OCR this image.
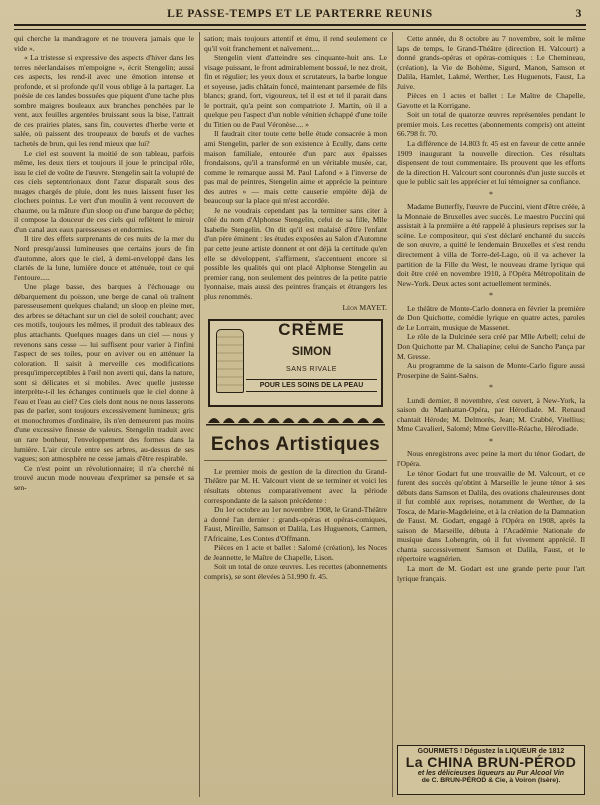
LE PASSE-TEMPS ET LE PARTERRE REUNIS	3

qui cherche la mandragore et ne trouvera jamais que le vide ».

« La tristesse si expressive des aspects d'hiver dans les terres néerlandaises m'empoigne », écrit Stengelin; aussi ces aspects, les rend-il avec une émotion intense et profonde, et si profonde qu'il vous oblige à la partager. La poésie de ces landes bossuées que piquent d'une tache plus sombre maigres bouleaux aux branches penchées par le vent, aux feuilles argentées bruissant sous la bise, l'attrait de ces prairies plates, sans fin, couvertes d'herbe verte et salée, où paissent des troupeaux de bœufs et de vaches tachetés de brun, qui les rend mieux que lui?

Le ciel est souvent la moitié de son tableau, parfois même, les deux tiers et toujours il joue le principal rôle, issu le ciel de voûte de l'œuvre. Stengelin sait la volupté de ces ciels septentrionaux dont l'azur disparaît sous des nuages chargés de pluie, dont les nues laissent fuser les clochers pointus. Le vert d'un moulin à vent recouvert de chaume, ou la mâture d'un sloop ou d'une barque de pêche; il compose la douceur de ces ciels qui reflètent le miroir d'un canal aux eaux paresseuses et endormies.

Il tire des effets surprenants de ces nuits de la mer du Nord presqu'aussi lumineuses que certains jours de fin d'automne, alors que le ciel, à demi-enveloppé dans les clartés de la lune, lumière douce et atténuée, tout ce qui l'entoure.....

Une plage basse, des barques à l'échouage ou débarquement du poisson, une berge de canal où traînent paresseusement quelques chaland; un sloop en pleine mer, des arbres se détachant sur un ciel de soleil couchant; avec ces motifs, toujours les mêmes, il produit des tableaux des plus attachants. Quelques nuages dans un ciel — nous y revenons sans cesse — lui suffisent pour varier à l'infini l'aspect de ses toiles, pour en aviver ou en atténuer la coloration. Il saisit à merveille ces modifications presqu'imperceptibles à l'œil non averti qui, dans la nature, sont si délicates et si mobiles. Avec quelle justesse interprète-t-il les échanges continuels que le ciel donne à l'eau et l'eau au ciel? Ces ciels dont nous ne nous lasserons pas de parler, sont toujours excessivement lumineux; gris et monochromes d'ordinaire, ils n'en demeurent pas moins d'une excessive finesse de valeurs. Stengelin traduit avec un rare bonheur, l'enveloppement des formes dans la lumière. L'air circule entre ses arbres, au-dessus de ses vagues; son atmosphère ne cesse jamais d'être respirable.

Ce n'est point un révolutionnaire; il n'a cherché ni trouvé aucun mode nouveau d'exprimer sa pensée et sa sen-

sation; mais toujours attentif et ému, il rend seulement ce qu'il voit franchement et naïvement....

Stengelin vient d'atteindre ses cinquante-huit ans. Le visage puissant, le front admirablement bossué, le nez droit, fin et régulier; les yeux doux et scrutateurs, la barbe longue et soyeuse, jadis châtain foncé, maintenant parsemée de fils blancs; grand, fort, vigoureux, tel il est et tel il parait dans le portrait, qu'a peint son compatriote J. Martin, où il a quelque peu l'aspect d'un noble vénitien échappé d'une toile du Titien ou de Paul Véronèse.... »

Il faudrait citer toute cette belle étude consacrée à mon ami Stengelin, parler de son existence à Ecully, dans cette maison familiale, entourée d'un parc aux épaisses frondaisons, qu'il a transformé en un véritable musée, car, comme le remarque aussi M. Paul Lafond « à l'inverse de pas mal de peintres, Stengelin aime et apprécie la peinture des autres » — mais cette causerie empiète déjà de beaucoup sur la place qui m'est accordée.

Je ne voudrais cependant pas la terminer sans citer à côté du nom d'Alphonse Stengelin, celui de sa fille, Mlle Isabelle Stengelin. On dit qu'il est malaisé d'être l'enfant d'un père éminent : les études exposées au Salon d'Automne par cette jeune artiste donnent et ont déjà la certitude qu'en elle se développent, s'affirment, s'accentuent encore si possible les qualités qui ont placé Alphonse Stengelin au premier rang, non seulement des peintres de la petite patrie lyonnaise, mais aussi des peintres français et étrangers les plus renommés.

Léon MAYET.
CRÈME
SIMON
SANS RIVALE
POUR LES SOINS DE LA PEAU
Echos Artistiques

Le premier mois de gestion de la direction du Grand-Théâtre par M. H. Valcourt vient de se terminer et voici les résultats obtenus comparativement avec la période correspondante de la saison précédente :

Du 1er octobre au 1er novembre 1908, le Grand-Théâtre a donné l'an dernier : grands-opéras et opéras-comiques, Faust, Mireille, Samson et Dalila, Les Huguenots, Carmen, l'Africaine, Les Contes d'Offmann.

Pièces en 1 acte et ballet : Salomé (création), les Noces de Jeannette, le Maître de Chapelle, Lison.

Soit un total de onze œuvres. Les recettes (abonnements compris), se sont élevées à 51.990 fr. 45.

Cette année, du 8 octobre au 7 novembre, soit le même laps de temps, le Grand-Théâtre (direction H. Valcourt) a donné grands-opéras et opéras-comiques : Le Chemineau, (création), la Vie de Bohème, Sigurd, Manon, Samson et Dalila, Hamlet, Lakmé, Werther, Les Huguenots, Faust, La Juive.

Pièces en 1 actes et ballet : Le Maître de Chapelle, Gavotte et la Korrigane.

Soit un total de quatorze œuvres représentées pendant le premier mois. Les recettes (abonnements compris) ont atteint 66.798 fr. 70.

La différence de 14.803 fr. 45 est en faveur de cette année 1909 inaugurant la nouvelle direction. Ces résultats dispensent de tout commentaire. Ils prouvent que les efforts de la direction H. Valcourt sont couronnés d'un juste succès et que le public sait les apprécier et lui témoigner sa confiance.

*

Madame Butterfly, l'œuvre de Puccini, vient d'être créée, à la Monnaie de Bruxelles avec succès. Le maestro Puccini qui assistait à la première a été rappelé à plusieurs reprises sur la scène. Le compositeur, qui s'est déclaré enchanté du succès de son œuvre, a quitté le lendemain Bruxelles et s'est rendu directement à villa de Torre-del-Lago, où il va achever la partition de la Fille du West, le nouveau drame lyrique qui doit être créé en novembre 1910, à l'Opéra Métropolitain de New-York. Deux actes sont actuellement terminés.

*

Le théâtre de Monte-Carlo donnera en février la première de Don Quichotte, comédie lyrique en quatre actes, paroles de Le Lorrain, musique de Massenet.

Le rôle de la Dulcinée sera créé par Mlle Arbell; celui de Don Quichotte par M. Chaliapine; celui de Sancho Pança par M. Gresse.

Au programme de la saison de Monte-Carlo figure aussi Proserpine de Saint-Saëns.

*

Lundi dernier, 8 novembre, s'est ouvert, à New-York, la saison du Manhattan-Opéra, par Hérodiade. M. Renaud chantait Hérode; M. Delmorès, Jean; M. Crabbé, Vitellius; Mme Cavalieri, Salomé; Mme Gerville-Réache, Hérodiade.

*

Nous enregistrons avec peine la mort du ténor Godart, de l'Opéra.

Le ténor Godart fut une trouvaille de M. Valcourt, et ce furent des succès qu'obtint à Marseille le jeune ténor à ses débuts dans Samson et Dalila, des ovations chaleureuses dont il fut comblé aux reprises, notamment de Werther, de la Tosca, de Marie-Magdeleine, et à la création de la Damnation de Faust. M. Godart, engagé à l'Opéra en 1908, après la saison de Marseille, débuta à l'Académie Nationale de musique dans Lohengrin, où il fut vivement apprécié. Il chanta successivement Samson et Dalila, Faust, et le répertoire wagnérien.

La mort de M. Godart est une grande perte pour l'art lyrique français.

GOURMETS ! Dégustez la LIQUEUR de 1812
La CHINA BRUN-PÉROD
et les délicieuses liqueurs au Pur Alcool Vin
de C. BRUN-PÉROD & Cie, à Voiron (Isère).
